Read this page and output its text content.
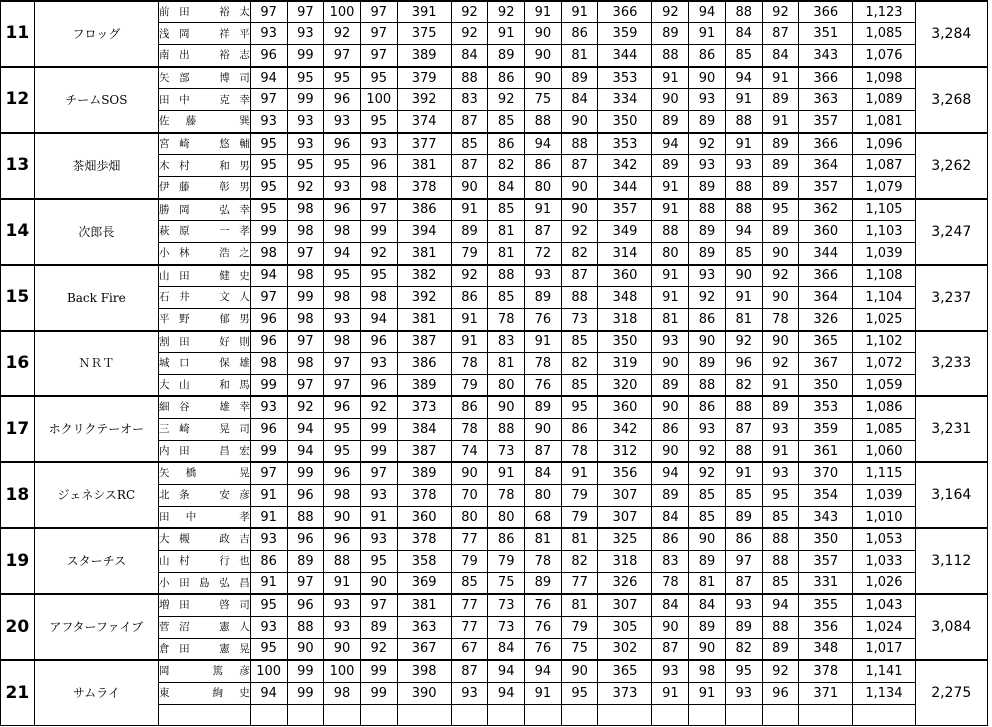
11	フロッグ	前田　裕太	97	97	100	97	391	92	92	91	91	366	92	94	88	92	366	1,123	3,284
		浅岡　祥平	93	93	92	97	375	92	91	90	86	359	89	91	84	87	351	1,085	
		南出　裕志	96	99	97	97	389	84	89	90	81	344	88	86	85	84	343	1,076	
12	チームSOS	矢部　博司	94	95	95	95	379	88	86	90	89	353	91	90	94	91	366	1,098	3,268
		田中　克幸	97	99	96	100	392	83	92	75	84	334	90	93	91	89	363	1,089	
		佐藤　巽	93	93	93	95	374	87	85	88	90	350	89	89	88	91	357	1,081	
13	茶畑歩畑	宮崎　悠輔	95	93	96	93	377	85	86	94	88	353	94	92	91	89	366	1,096	3,262
		木村　和男	95	95	95	96	381	87	82	86	87	342	89	93	93	89	364	1,087	
		伊藤　彰男	95	92	93	98	378	90	84	80	90	344	91	89	88	89	357	1,079	
14	次郎長	勝岡　弘幸	95	98	96	97	386	91	85	91	90	357	91	88	88	95	362	1,105	3,247
		萩原　一孝	99	98	98	99	394	89	81	87	92	349	88	89	94	89	360	1,103	
		小林　浩之	98	97	94	92	381	79	81	72	82	314	80	89	85	90	344	1,039	
15	Back Fire	山田　健史	94	98	95	95	382	92	88	93	87	360	91	93	90	92	366	1,108	3,237
		石井　文人	97	99	98	98	392	86	85	89	88	348	91	92	91	90	364	1,104	
		平野　郁男	96	98	93	94	381	91	78	76	73	318	81	86	81	78	326	1,025	
16	ＮＲＴ	割田　好則	96	97	98	96	387	91	83	91	85	350	93	90	92	90	365	1,102	3,233
		城口　保雄	98	98	97	93	386	78	81	78	82	319	90	89	96	92	367	1,072	
		大山　和馬	99	97	97	96	389	79	80	76	85	320	89	88	82	91	350	1,059	
17	ホクリクテーオー	細谷　雄幸	93	92	96	92	373	86	90	89	95	360	90	86	88	89	353	1,086	3,231
		三崎　晃司	96	94	95	99	384	78	88	90	86	342	86	93	87	93	359	1,085	
		内田　昌宏	99	94	95	99	387	74	73	87	78	312	90	92	88	91	361	1,060	
18	ジェネシスRC	矢橋　晃	97	99	96	97	389	90	91	84	91	356	94	92	91	93	370	1,115	3,164
		北条　安彦	91	96	98	93	378	70	78	80	79	307	89	85	85	95	354	1,039	
		田中　孝	91	88	90	91	360	80	80	68	79	307	84	85	89	85	343	1,010	
19	スターチス	大槻　政吉	93	96	96	93	378	77	86	81	81	325	86	90	86	88	350	1,053	3,112
		山村　行也	86	89	88	95	358	79	79	78	82	318	83	89	97	88	357	1,033	
		小田島弘昌	91	97	91	90	369	85	75	89	77	326	78	81	87	85	331	1,026	
20	アフターファイブ	増田　啓司	95	96	93	97	381	77	73	76	81	307	84	84	93	94	355	1,043	3,084
		菅沼　憲人	93	88	93	89	363	77	73	76	79	305	90	89	89	88	356	1,024	
		倉田　憲晃	95	90	90	92	367	67	84	76	75	302	87	90	82	89	348	1,017	
21	サムライ	岡　篤彦	100	99	100	99	398	87	94	94	90	365	93	98	95	92	378	1,141	2,275
		東　絢史	94	99	98	99	390	93	94	91	95	373	91	91	93	96	371	1,134	
